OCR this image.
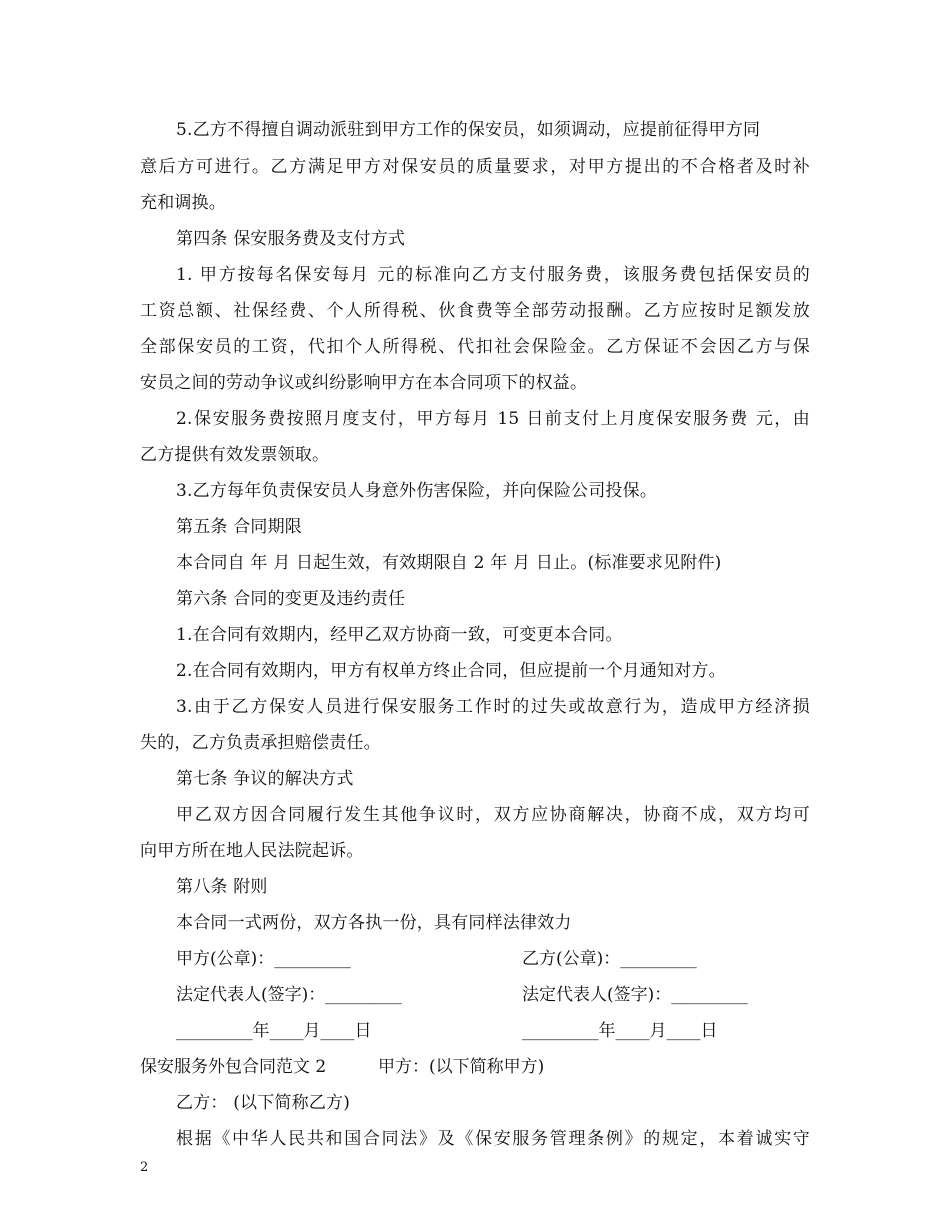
5.乙方不得擅自调动派驻到甲方工作的保安员，如须调动，应提前征得甲方同
意后方可进行。乙方满足甲方对保安员的质量要求，对甲方提出的不合格者及时补
充和调换。
第四条 保安服务费及支付方式
1. 甲方按每名保安每月 元的标准向乙方支付服务费，该服务费包括保安员的
工资总额、社保经费、个人所得税、伙食费等全部劳动报酬。乙方应按时足额发放
全部保安员的工资，代扣个人所得税、代扣社会保险金。乙方保证不会因乙方与保
安员之间的劳动争议或纠纷影响甲方在本合同项下的权益。
2.保安服务费按照月度支付，甲方每月 15 日前支付上月度保安服务费 元，由
乙方提供有效发票领取。
3.乙方每年负责保安员人身意外伤害保险，并向保险公司投保。
第五条 合同期限
本合同自 年 月 日起生效，有效期限自 2 年 月 日止。(标准要求见附件)
第六条 合同的变更及违约责任
1.在合同有效期内，经甲乙双方协商一致，可变更本合同。
2.在合同有效期内，甲方有权单方终止合同，但应提前一个月通知对方。
3.由于乙方保安人员进行保安服务工作时的过失或故意行为，造成甲方经济损
失的，乙方负责承担赔偿责任。
第七条 争议的解决方式
甲乙双方因合同履行发生其他争议时，双方应协商解决，协商不成，双方均可
向甲方所在地人民法院起诉。
第八条 附则
本合同一式两份，双方各执一份，具有同样法律效力
甲方(公章)：_________	乙方(公章)：_________
法定代表人(签字)：_________	法定代表人(签字)：_________
_________年____月____日	_________年____月____日
保安服务外包合同范文 2	甲方：(以下简称甲方)
乙方： (以下简称乙方)
根据《中华人民共和国合同法》及《保安服务管理条例》的规定，本着诚实守
2
